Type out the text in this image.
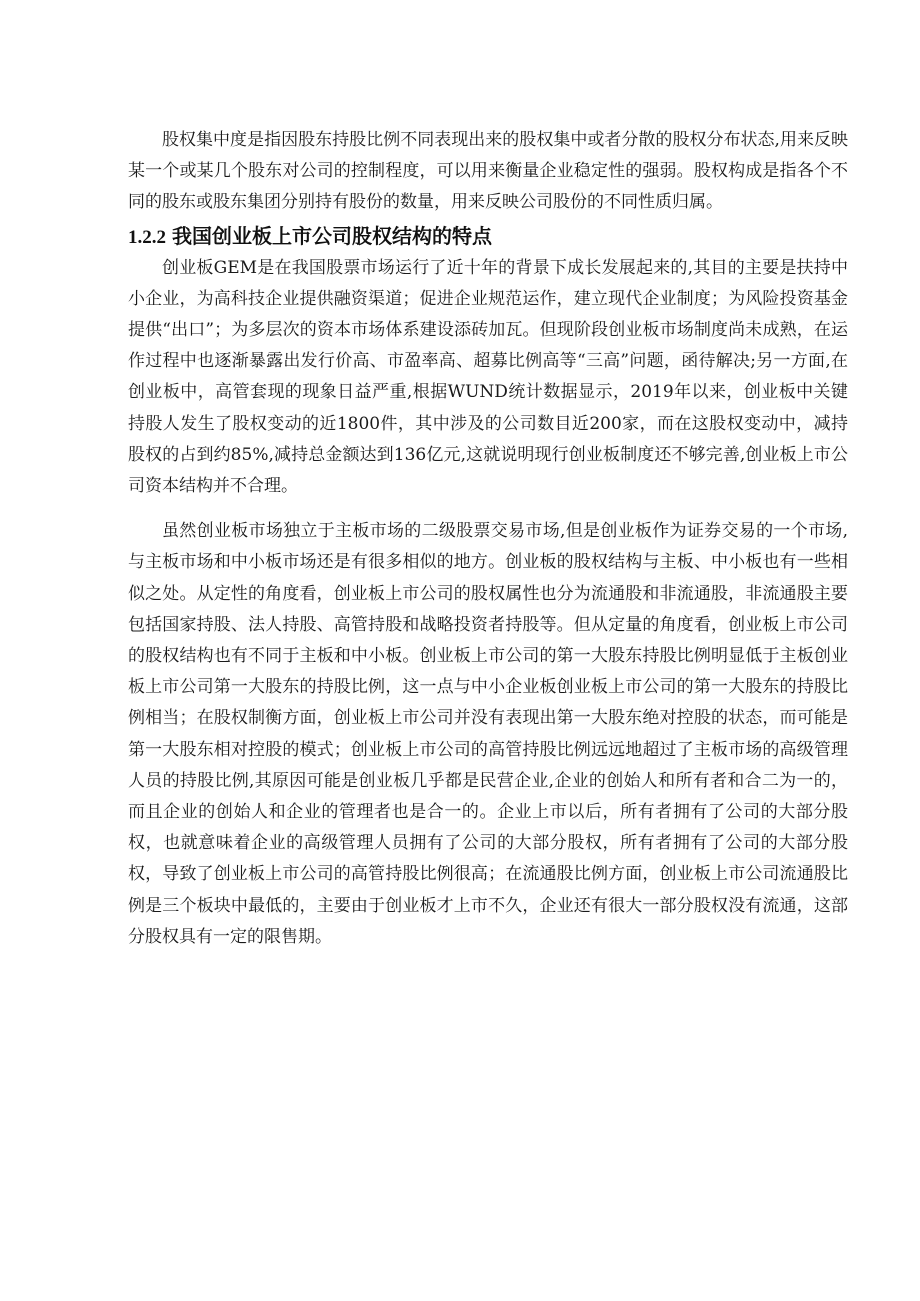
股权集中度是指因股东持股比例不同表现出来的股权集中或者分散的股权分布状态,用来反映某一个或某几个股东对公司的控制程度，可以用来衡量企业稳定性的强弱。股权构成是指各个不同的股东或股东集团分别持有股份的数量，用来反映公司股份的不同性质归属。

1.2.2 我国创业板上市公司股权结构的特点

创业板GEM是在我国股票市场运行了近十年的背景下成长发展起来的,其目的主要是扶持中小企业，为高科技企业提供融资渠道；促进企业规范运作，建立现代企业制度；为风险投资基金提供“出口”；为多层次的资本市场体系建设添砖加瓦。但现阶段创业板市场制度尚未成熟，在运作过程中也逐渐暴露出发行价高、市盈率高、超募比例高等“三高”问题，函待解决;另一方面,在创业板中，高管套现的现象日益严重,根据WUND统计数据显示，2019年以来，创业板中关键持股人发生了股权变动的近1800件，其中涉及的公司数目近200家，而在这股权变动中，减持股权的占到约85%,减持总金额达到136亿元,这就说明现行创业板制度还不够完善,创业板上市公司资本结构并不合理。

虽然创业板市场独立于主板市场的二级股票交易市场,但是创业板作为证券交易的一个市场,与主板市场和中小板市场还是有很多相似的地方。创业板的股权结构与主板、中小板也有一些相似之处。从定性的角度看，创业板上市公司的股权属性也分为流通股和非流通股，非流通股主要包括国家持股、法人持股、高管持股和战略投资者持股等。但从定量的角度看，创业板上市公司的股权结构也有不同于主板和中小板。创业板上市公司的第一大股东持股比例明显低于主板创业板上市公司第一大股东的持股比例，这一点与中小企业板创业板上市公司的第一大股东的持股比例相当；在股权制衡方面，创业板上市公司并没有表现出第一大股东绝对控股的状态，而可能是第一大股东相对控股的模式；创业板上市公司的高管持股比例远远地超过了主板市场的高级管理人员的持股比例,其原因可能是创业板几乎都是民营企业,企业的创始人和所有者和合二为一的，而且企业的创始人和企业的管理者也是合一的。企业上市以后，所有者拥有了公司的大部分股权，也就意味着企业的高级管理人员拥有了公司的大部分股权，所有者拥有了公司的大部分股权，导致了创业板上市公司的高管持股比例很高；在流通股比例方面，创业板上市公司流通股比例是三个板块中最低的，主要由于创业板才上市不久，企业还有很大一部分股权没有流通，这部分股权具有一定的限售期。
